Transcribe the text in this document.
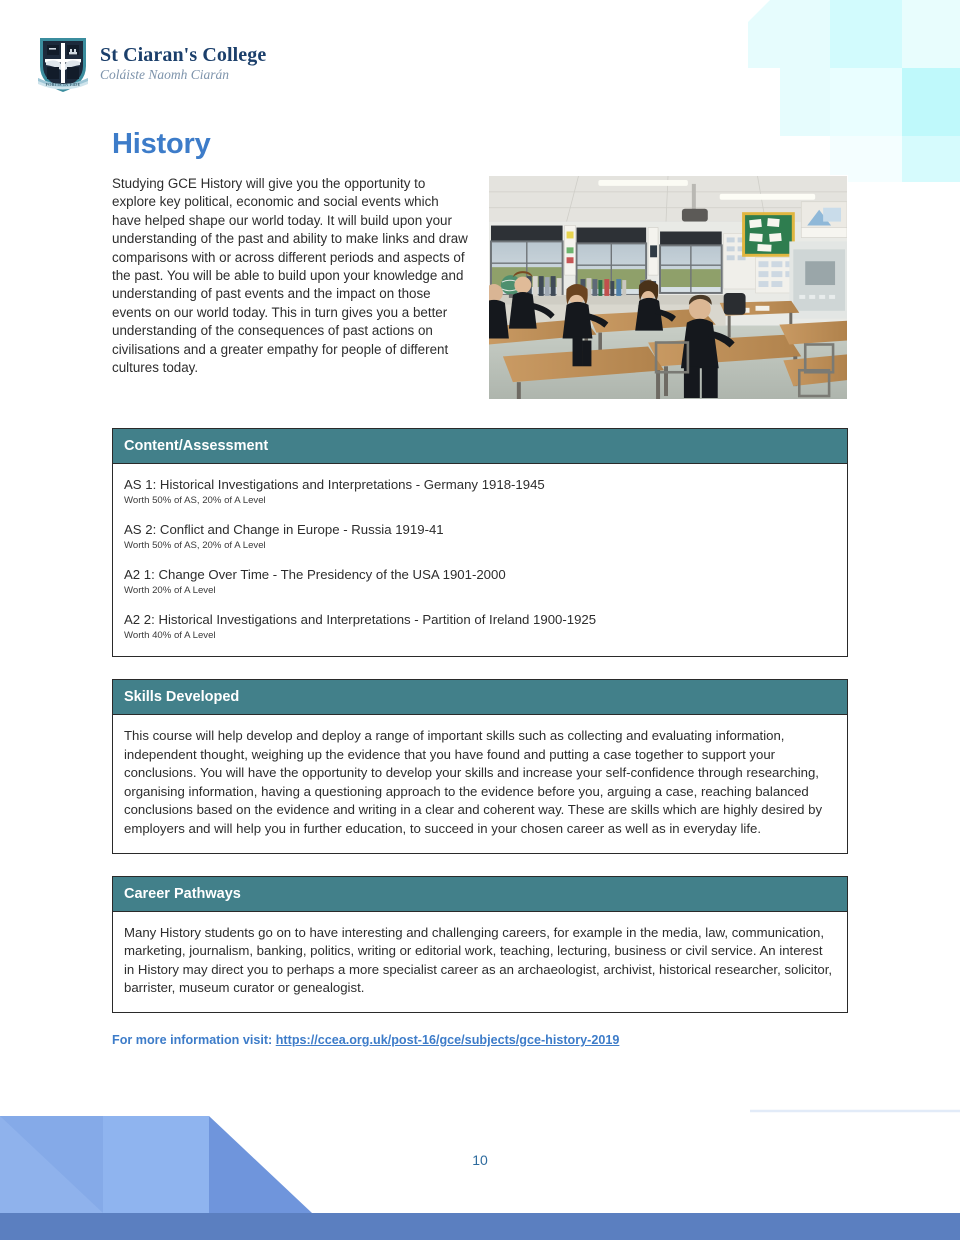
FORTIS IN FIDE
St Ciaran's College
Coláiste Naomh Ciarán
History

Studying GCE History will give you the opportunity to explore key political, economic and social events which have helped shape our world today. It will build upon your understanding of the past and ability to make links and draw comparisons with or across different periods and aspects of the past. You will be able to build upon your knowledge and understanding of past events and the impact on those events on our world today. This in turn gives you a better understanding of the consequences of past actions on civilisations and a greater empathy for people of different cultures today.

Content/Assessment
AS 1: Historical Investigations and Interpretations - Germany 1918-1945
Worth 50% of AS, 20% of A Level
AS 2: Conflict and Change in Europe - Russia 1919-41
Worth 50% of AS, 20% of A Level
A2 1: Change Over Time - The Presidency of the USA 1901-2000
Worth 20% of A Level
A2 2: Historical Investigations and Interpretations - Partition of Ireland 1900-1925
Worth 40% of A Level
Skills Developed

This course will help develop and deploy a range of important skills such as collecting and evaluating information, independent thought, weighing up the evidence that you have found and putting a case together to support your conclusions. You will have the opportunity to develop your skills and increase your self-confidence through researching, organising information, having a questioning approach to the evidence before you, arguing a case, reaching balanced conclusions based on the evidence and writing in a clear and coherent way. These are skills which are highly desired by employers and will help you in further education, to succeed in your chosen career as well as in everyday life.

Career Pathways

Many History students go on to have interesting and challenging careers, for example in the media, law, communication, marketing, journalism, banking, politics, writing or editorial work, teaching, lecturing, business or civil service. An interest in History may direct you to perhaps a more specialist career as an archaeologist, archivist, historical researcher, solicitor, barrister, museum curator or genealogist.

For more information visit: https://ccea.org.uk/post-16/gce/subjects/gce-history-2019
10
